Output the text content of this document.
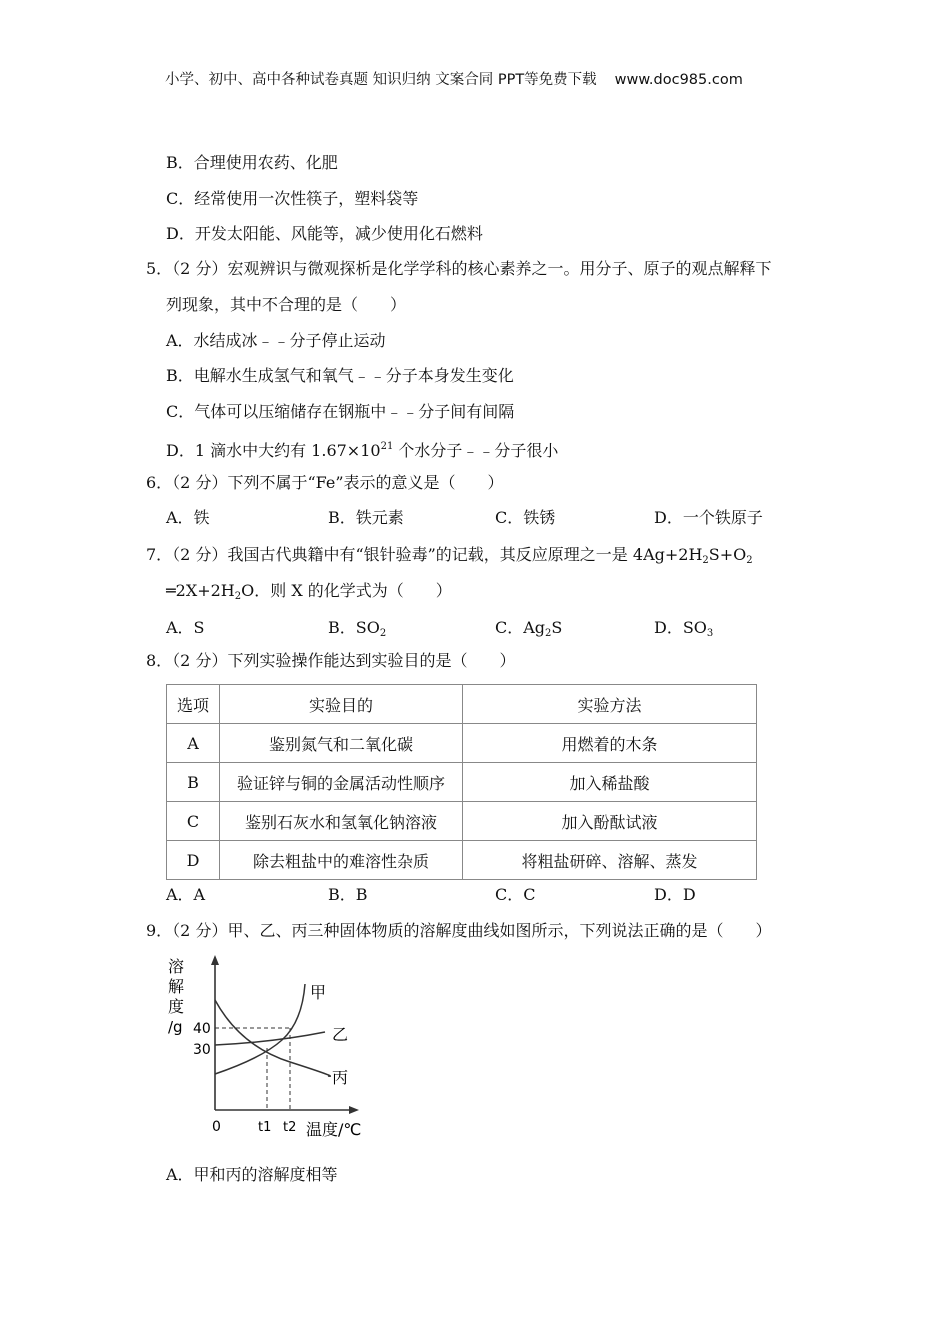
小学、初中、高中各种试卷真题 知识归纳 文案合同 PPT等免费下载 www.doc985.com
B．合理使用农药、化肥
C．经常使用一次性筷子，塑料袋等
D．开发太阳能、风能等，减少使用化石燃料
5．（2 分）宏观辨识与微观探析是化学学科的核心素养之一。用分子、原子的观点解释下
列现象，其中不合理的是（　　）
A．水结成冰﹣﹣分子停止运动
B．电解水生成氢气和氧气﹣﹣分子本身发生变化
C．气体可以压缩储存在钢瓶中﹣﹣分子间有间隔
D．1 滴水中大约有 $1.67\times 10^{21}$ 个水分子﹣﹣分子很小
6．（2 分）下列不属于“Fe”表示的意义是（　　）
A．铁	B．铁元素	C．铁锈	D．一个铁原子
7．（2 分）我国古代典籍中有“银针验毒”的记载，其反应原理之一是 $4Ag+2H_2S+O_2$
$═2X+2H_2O$．则 X 的化学式为（　　）
A．S	B．$SO_2$	C．$Ag_2S$	D．$SO_3$
8．（2 分）下列实验操作能达到实验目的是（　　）
选项	实验目的	实验方法
A	鉴别氮气和二氧化碳	用燃着的木条
B	验证锌与铜的金属活动性顺序	加入稀盐酸
C	鉴别石灰水和氢氧化钠溶液	加入酚酞试液
D	除去粗盐中的难溶性杂质	将粗盐研碎、溶解、蒸发
A．A	B．B	C．C	D．D
9．（2 分）甲、乙、丙三种固体物质的溶解度曲线如图所示，下列说法正确的是（　　）
溶
解
度
/g 40
30
0	t1 t2 温度/℃
甲
乙
丙
A．甲和丙的溶解度相等
